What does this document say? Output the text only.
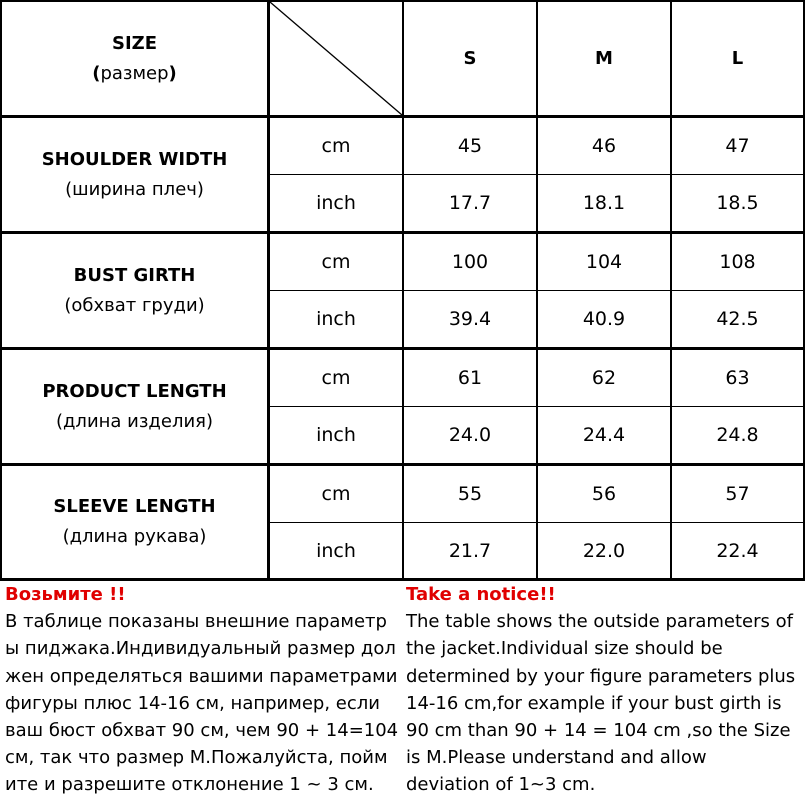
SIZE
(размер)
S	M	L
SHOULDER WIDTH
(ширина плеч)
cm	45	46	47
inch	17.7	18.1	18.5
BUST GIRTH
(обхват груди)
cm	100	104	108
inch	39.4	40.9	42.5
PRODUCT LENGTH
(длина изделия)
cm	61	62	63
inch	24.0	24.4	24.8
SLEEVE LENGTH
(длина рукава)
cm	55	56	57
inch	21.7	22.0	22.4
Возьмите !!
В таблице показаны внешние параметр
ы пиджака.Индивидуальный размер дол
жен определяться вашими параметрами
фигуры плюс 14-16 см, например, если
ваш бюст обхват 90 см, чем 90 + 14=104
см, так что размер M.Пожалуйста, пойм
ите и разрешите отклонение 1 ~ 3 см.
Take a notice!!
The table shows the outside parameters of
the jacket.Individual size should be
determined by your figure parameters plus
14-16 cm,for example if your bust girth is
90 cm than 90 + 14 = 104 cm ,so the Size
is M.Please understand and allow
deviation of 1~3 cm.
